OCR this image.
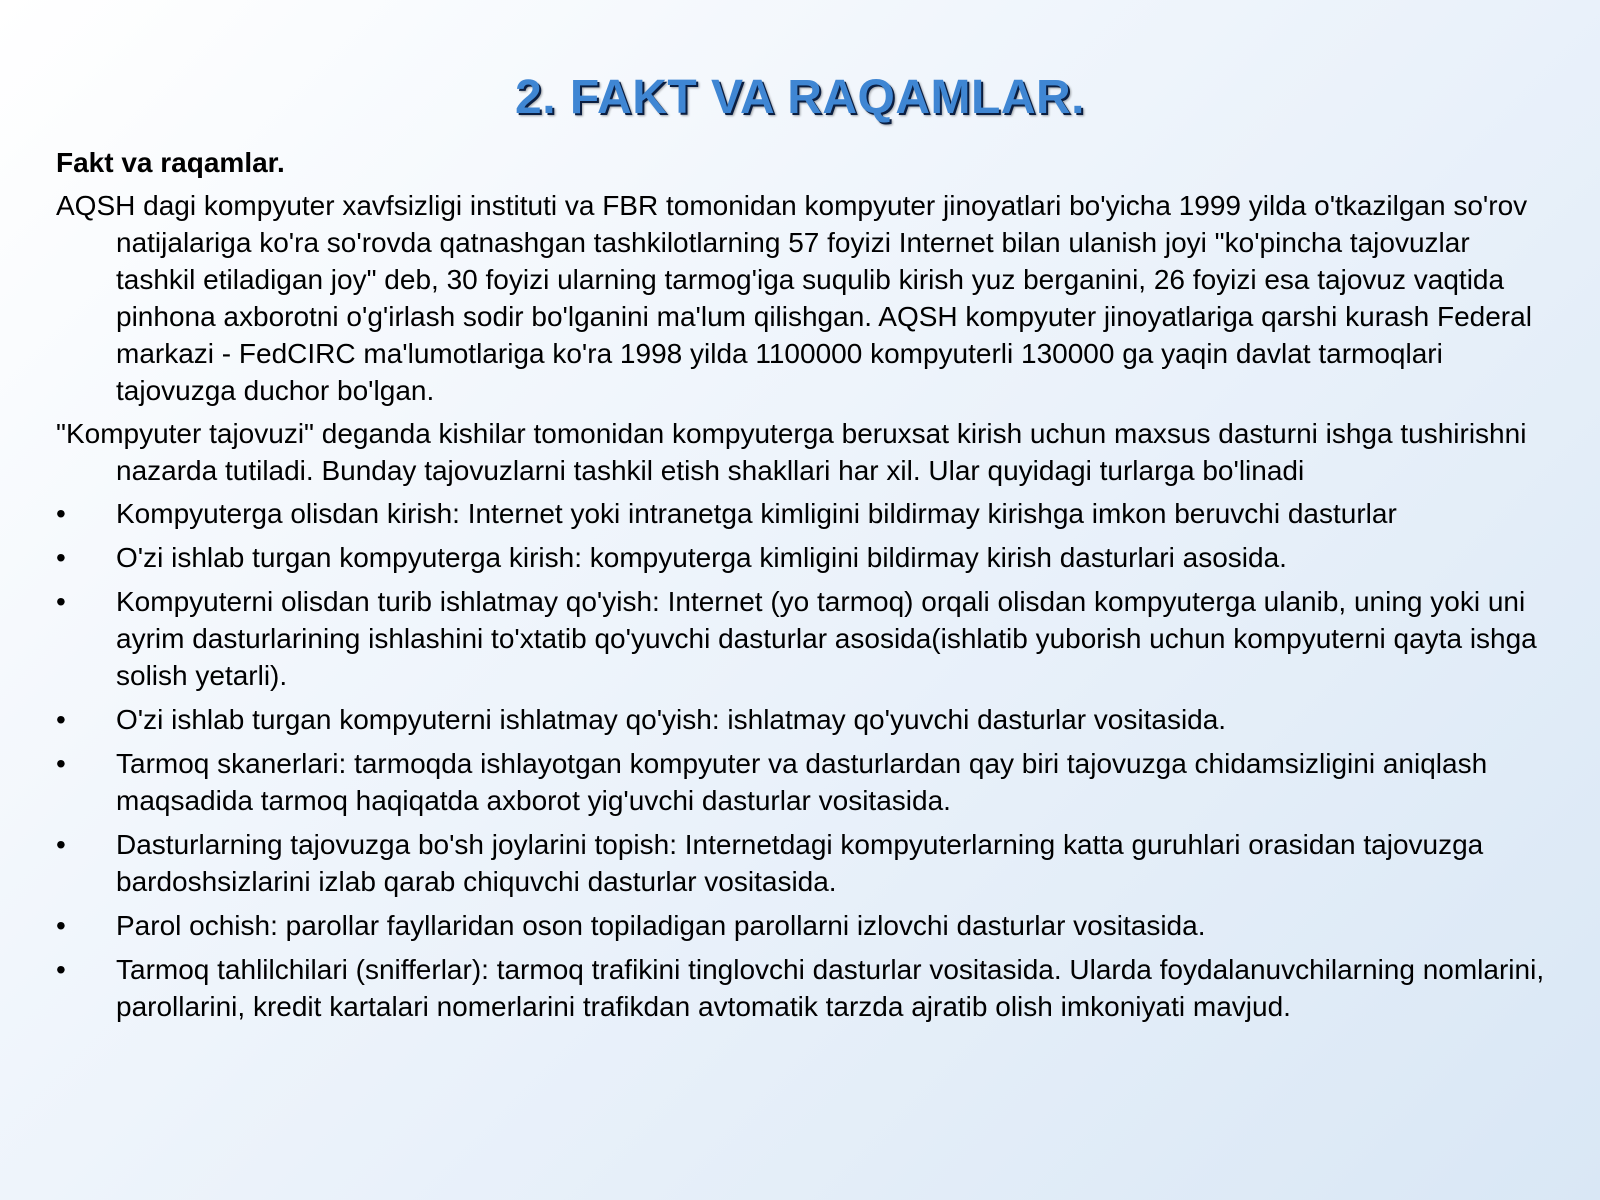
2. FAKT VA RAQAMLAR.
Fakt va raqamlar.

AQSH dagi kompyuter xavfsizligi instituti va FBR tomonidan kompyuter jinoyatlari bo'yicha 1999 yilda o'tkazilgan so'rov natijalariga ko'ra so'rovda qatnashgan tashkilotlarning 57 foyizi Internet bilan ulanish joyi "ko'pincha tajovuzlar tashkil etiladigan joy" deb, 30 foyizi ularning tarmog'iga suqulib kirish yuz berganini, 26 foyizi esa tajovuz vaqtida pinhona axborotni o'g'irlash sodir bo'lganini ma'lum qilishgan. AQSH kompyuter jinoyatlariga qarshi kurash Federal markazi - FedCIRC ma'lumotlariga ko'ra 1998 yilda 1100000 kompyuterli 130000 ga yaqin davlat tarmoqlari tajovuzga duchor bo'lgan.

"Kompyuter tajovuzi" deganda kishilar tomonidan kompyuterga beruxsat kirish uchun maxsus dasturni ishga tushirishni nazarda tutiladi. Bunday tajovuzlarni tashkil etish shakllari har xil. Ular quyidagi turlarga bo'linadi

•	Kompyuterga olisdan kirish: Internet yoki intranetga kimligini bildirmay kirishga imkon beruvchi dasturlar
•	O'zi ishlab turgan kompyuterga kirish: kompyuterga kimligini bildirmay kirish dasturlari asosida.
•	Kompyuterni olisdan turib ishlatmay qo'yish: Internet (yo tarmoq) orqali olisdan kompyuterga ulanib, uning yoki uni ayrim dasturlarining ishlashini to'xtatib qo'yuvchi dasturlar asosida(ishlatib yuborish uchun kompyuterni qayta ishga solish yetarli).
•	O'zi ishlab turgan kompyuterni ishlatmay qo'yish: ishlatmay qo'yuvchi dasturlar vositasida.
•	Tarmoq skanerlari: tarmoqda ishlayotgan kompyuter va dasturlardan qay biri tajovuzga chidamsizligini aniqlash maqsadida tarmoq haqiqatda axborot yig'uvchi dasturlar vositasida.
•	Dasturlarning tajovuzga bo'sh joylarini topish: Internetdagi kompyuterlarning katta guruhlari orasidan tajovuzga bardoshsizlarini izlab qarab chiquvchi dasturlar vositasida.
•	Parol ochish: parollar fayllaridan oson topiladigan parollarni izlovchi dasturlar vositasida.
•	Tarmoq tahlilchilari (snifferlar): tarmoq trafikini tinglovchi dasturlar vositasida. Ularda foydalanuvchilarning nomlarini, parollarini, kredit kartalari nomerlarini trafikdan avtomatik tarzda ajratib olish imkoniyati mavjud.
